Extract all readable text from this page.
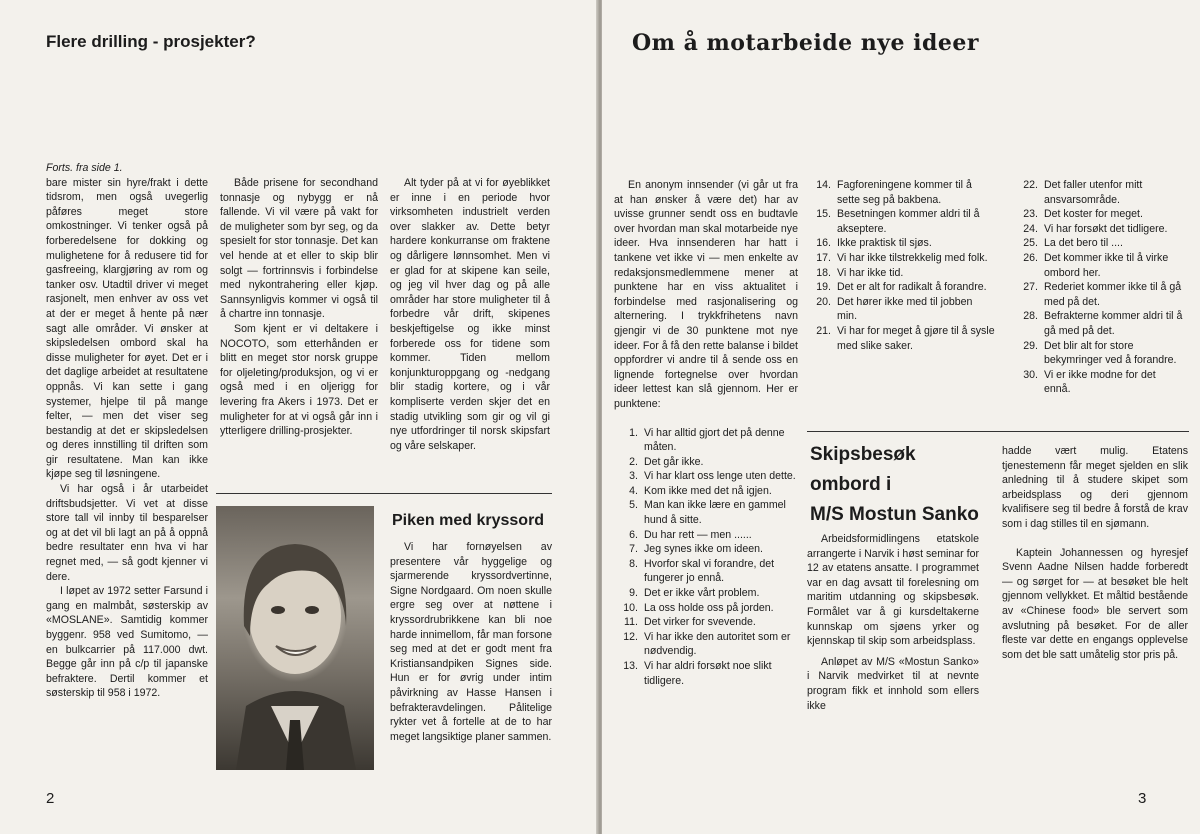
Flere drilling - prosjekter?

Forts. fra side 1.

bare mister sin hyre/frakt i dette tidsrom, men også uvegerlig påføres meget store omkostninger. Vi tenker også på forberedelsene for dokking og mulighetene for å redusere tid for gasfreeing, klargjøring av rom og tanker osv. Utadtil driver vi meget rasjonelt, men enhver av oss vet at der er meget å hente på nær sagt alle områder. Vi ønsker at skipsledelsen ombord skal ha disse muligheter for øyet. Det er i det daglige arbeidet at resultatene oppnås. Vi kan sette i gang systemer, hjelpe til på mange felter, — men det viser seg bestandig at det er skipsledelsen og deres innstilling til driften som gir resultatene. Man kan ikke kjøpe seg til løsningene.

Vi har også i år utarbeidet driftsbudsjetter. Vi vet at disse store tall vil innby til besparelser og at det vil bli lagt an på å oppnå bedre resultater enn hva vi har regnet med, — så godt kjenner vi dere.

I løpet av 1972 setter Farsund i gang en malmbåt, søsterskip av «MOSLANE». Samtidig kommer byggenr. 958 ved Sumitomo, — en bulkcarrier på 117.000 dwt. Begge går inn på c/p til japanske befraktere. Dertil kommer et søsterskip til 958 i 1972.

Både prisene for secondhand tonnasje og nybygg er nå fallende. Vi vil være på vakt for de muligheter som byr seg, og da spesielt for stor tonnasje. Det kan vel hende at et eller to skip blir solgt — fortrinnsvis i forbindelse med nykontrahering eller kjøp. Sannsynligvis kommer vi også til å chartre inn tonnasje.

Som kjent er vi deltakere i NOCOTO, som etterhånden er blitt en meget stor norsk gruppe for oljeleting/produksjon, og vi er også med i en oljerigg for levering fra Akers i 1973. Det er muligheter for at vi også går inn i ytterligere drilling-prosjekter.

Alt tyder på at vi for øyeblikket er inne i en periode hvor virksomheten industrielt verden over slakker av. Dette betyr hardere konkurranse om fraktene og dårligere lønnsomhet. Men vi er glad for at skipene kan seile, og jeg vil hver dag og på alle områder har store muligheter til å forbedre vår drift, skipenes beskjeftigelse og ikke minst forberede oss for tidene som kommer. Tiden mellom konjunkturoppgang og -nedgang blir stadig kortere, og i vår kompliserte verden skjer det en stadig utvikling som gir og vil gi nye utfordringer til norsk skipsfart og våre selskaper.

Piken med kryssord

Vi har fornøyelsen av presentere vår hyggelige og sjarmerende kryssordvertinne, Signe Nordgaard. Om noen skulle ergre seg over at nøttene i kryssordrubrikkene kan bli noe harde innimellom, får man forsone seg med at det er godt ment fra Kristiansandpiken Signes side. Hun er for øvrig under intim påvirkning av Hasse Hansen i befrakteravdelingen. Pålitelige rykter vet å fortelle at de to har meget langsiktige planer sammen.

2
Om å motarbeide nye ideer

En anonym innsender (vi går ut fra at han ønsker å være det) har av uvisse grunner sendt oss en budtavle over hvordan man skal motarbeide nye ideer. Hva innsenderen har hatt i tankene vet ikke vi — men enkelte av redaksjonsmedlemmene mener at punktene har en viss aktualitet i forbindelse med rasjonalisering og alternering. I trykkfrihetens navn gjengir vi de 30 punktene mot nye ideer. For å få den rette balanse i bildet oppfordrer vi andre til å sende oss en lignende fortegnelse over hvordan ideer lettest kan slå gjennom. Her er punktene:

1. Vi har alltid gjort det på denne måten.
2. Det går ikke.
3. Vi har klart oss lenge uten dette.
4. Kom ikke med det nå igjen.
5. Man kan ikke lære en gammel hund å sitte.
6. Du har rett — men ......
7. Jeg synes ikke om ideen.
8. Hvorfor skal vi forandre, det fungerer jo ennå.
9. Det er ikke vårt problem.
10. La oss holde oss på jorden.
11. Det virker for svevende.
12. Vi har ikke den autoritet som er nødvendig.
13. Vi har aldri forsøkt noe slikt tidligere.
14. Fagforeningene kommer til å sette seg på bakbena.
15. Besetningen kommer aldri til å akseptere.
16. Ikke praktisk til sjøs.
17. Vi har ikke tilstrekkelig med folk.
18. Vi har ikke tid.
19. Det er alt for radikalt å forandre.
20. Det hører ikke med til jobben min.
21. Vi har for meget å gjøre til å sysle med slike saker.
22. Det faller utenfor mitt ansvarsområde.
23. Det koster for meget.
24. Vi har forsøkt det tidligere.
25. La det bero til ....
26. Det kommer ikke til å virke ombord her.
27. Rederiet kommer ikke til å gå med på det.
28. Befrakterne kommer aldri til å gå med på det.
29. Det blir alt for store bekymringer ved å forandre.
30. Vi er ikke modne for det ennå.
Skipsbesøk
ombord i
M/S Mostun Sanko

Arbeidsformidlingens etatskole arrangerte i Narvik i høst seminar for 12 av etatens ansatte. I programmet var en dag avsatt til forelesning om maritim utdanning og skipsbesøk. Formålet var å gi kursdeltakerne kunnskap om sjøens yrker og kjennskap til skip som arbeidsplass.

Anløpet av M/S «Mostun Sanko» i Narvik medvirket til at nevnte program fikk et innhold som ellers ikke

hadde vært mulig. Etatens tjenestemenn får meget sjelden en slik anledning til å studere skipet som arbeidsplass og deri gjennom kvalifisere seg til bedre å forstå de krav som i dag stilles til en sjømann.

Kaptein Johannessen og hyresjef Svenn Aadne Nilsen hadde forberedt — og sørget for — at besøket ble helt gjennom vellykket. Et måltid bestående av «Chinese food» ble servert som avslutning på besøket. For de aller fleste var dette en engangs opplevelse som det ble satt umåtelig stor pris på.

3
